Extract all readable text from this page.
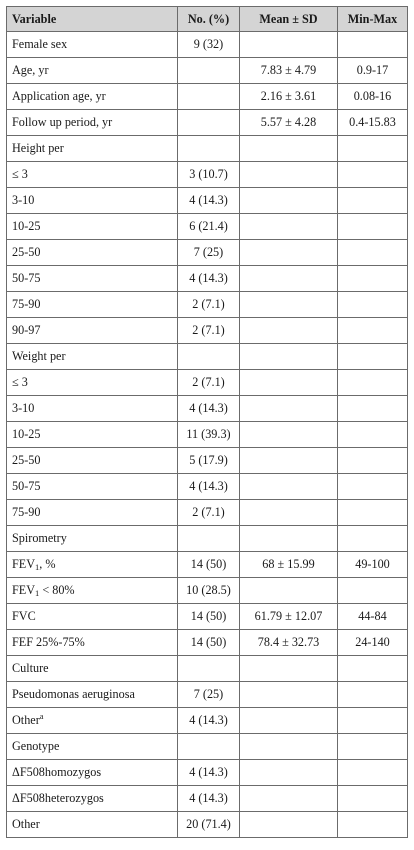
Variable	No. (%)	Mean ± SD	Min-Max
Female sex	9 (32)		
Age, yr		7.83 ± 4.79	0.9-17
Application age, yr		2.16 ± 3.61	0.08-16
Follow up period, yr		5.57 ± 4.28	0.4-15.83
Height per			
≤ 3	3 (10.7)		
3-10	4 (14.3)		
10-25	6 (21.4)		
25-50	7 (25)		
50-75	4 (14.3)		
75-90	2 (7.1)		
90-97	2 (7.1)		
Weight per			
≤ 3	2 (7.1)		
3-10	4 (14.3)		
10-25	11 (39.3)		
25-50	5 (17.9)		
50-75	4 (14.3)		
75-90	2 (7.1)		
Spirometry			
$FEV_1$, %	14 (50)	68 ± 15.99	49-100
$FEV_1 < 80\%$	10 (28.5)		
FVC	14 (50)	61.79 ± 12.07	44-84
FEF 25%-75%	14 (50)	78.4 ± 32.73	24-140
Culture			
Pseudomonas aeruginosa	7 (25)		
Other$^a$	4 (14.3)		
Genotype			
ΔF508homozygos	4 (14.3)		
ΔF508heterozygos	4 (14.3)		
Other	20 (71.4)		
